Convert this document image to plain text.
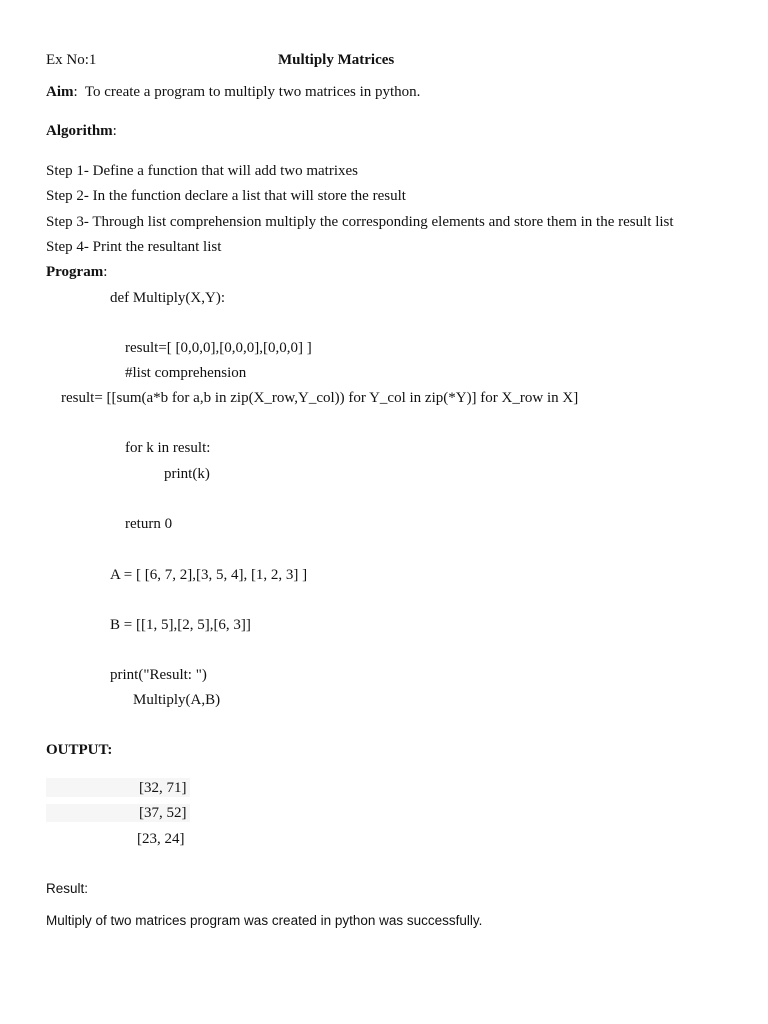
Ex No:1	Multiply Matrices
Aim:  To create a program to multiply two matrices in python.
Algorithm:
Step 1- Define a function that will add two matrixes
Step 2- In the function declare a list that will store the result
Step 3- Through list comprehension multiply the corresponding elements and store them in the result list
Step 4- Print the resultant list
Program:
def Multiply(X,Y):
result=[ [0,0,0],[0,0,0],[0,0,0] ]
#list comprehension
result= [[sum(a*b for a,b in zip(X_row,Y_col)) for Y_col in zip(*Y)] for X_row in X]
for k in result:
print(k)
return 0
A = [ [6, 7, 2],[3, 5, 4], [1, 2, 3] ]
B = [[1, 5],[2, 5],[6, 3]]
print("Result: ")
Multiply(A,B)
OUTPUT:
[32, 71]
[37, 52]
[23, 24]
Result:
Multiply of two matrices program was created in python was successfully.
